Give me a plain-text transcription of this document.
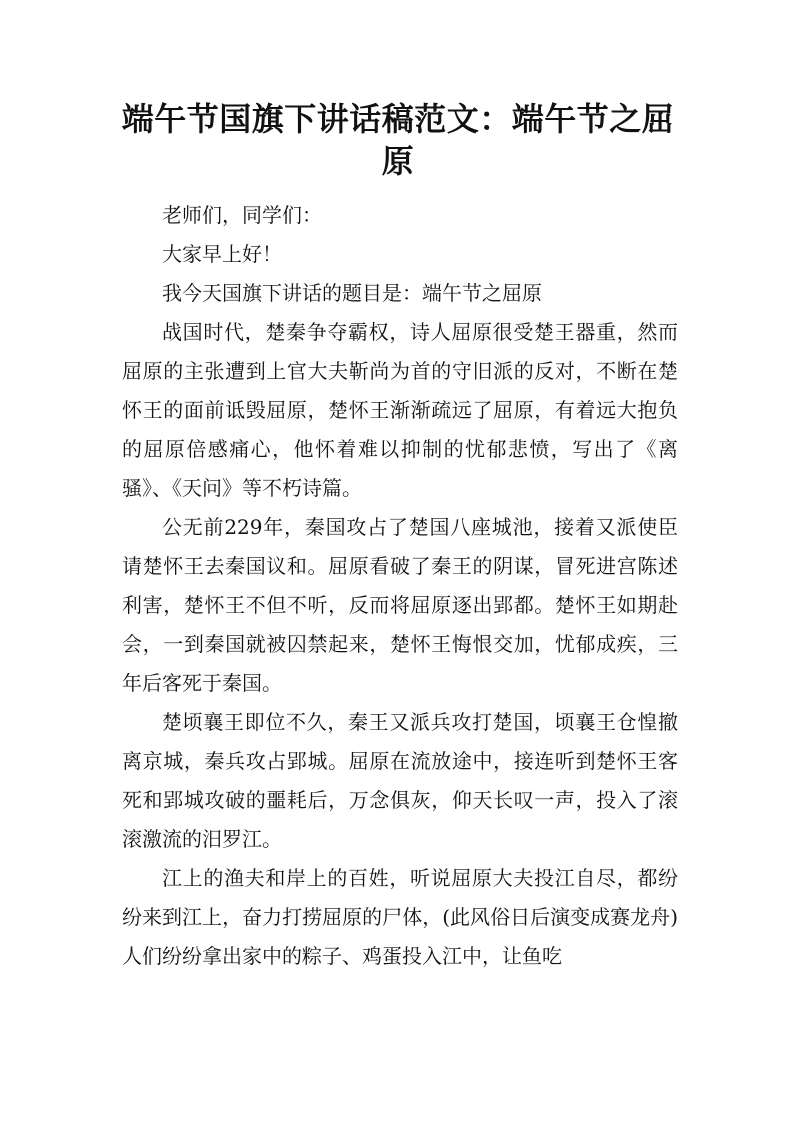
端午节国旗下讲话稿范文：端午节之屈原

老师们，同学们：

大家早上好！

我今天国旗下讲话的题目是：端午节之屈原

战国时代，楚秦争夺霸权，诗人屈原很受楚王器重，然而屈原的主张遭到上官大夫靳尚为首的守旧派的反对，不断在楚怀王的面前诋毁屈原，楚怀王渐渐疏远了屈原，有着远大抱负的屈原倍感痛心，他怀着难以抑制的忧郁悲愤，写出了《离骚》、《天问》等不朽诗篇。

公无前229年，秦国攻占了楚国八座城池，接着又派使臣请楚怀王去秦国议和。屈原看破了秦王的阴谋，冒死进宫陈述利害，楚怀王不但不听，反而将屈原逐出郢都。楚怀王如期赴会，一到秦国就被囚禁起来，楚怀王悔恨交加，忧郁成疾，三年后客死于秦国。

楚顷襄王即位不久，秦王又派兵攻打楚国，顷襄王仓惶撤离京城，秦兵攻占郢城。屈原在流放途中，接连听到楚怀王客死和郢城攻破的噩耗后，万念俱灰，仰天长叹一声，投入了滚滚激流的汨罗江。

江上的渔夫和岸上的百姓，听说屈原大夫投江自尽，都纷纷来到江上，奋力打捞屈原的尸体，(此风俗日后演变成赛龙舟)人们纷纷拿出家中的粽子、鸡蛋投入江中，让鱼吃
